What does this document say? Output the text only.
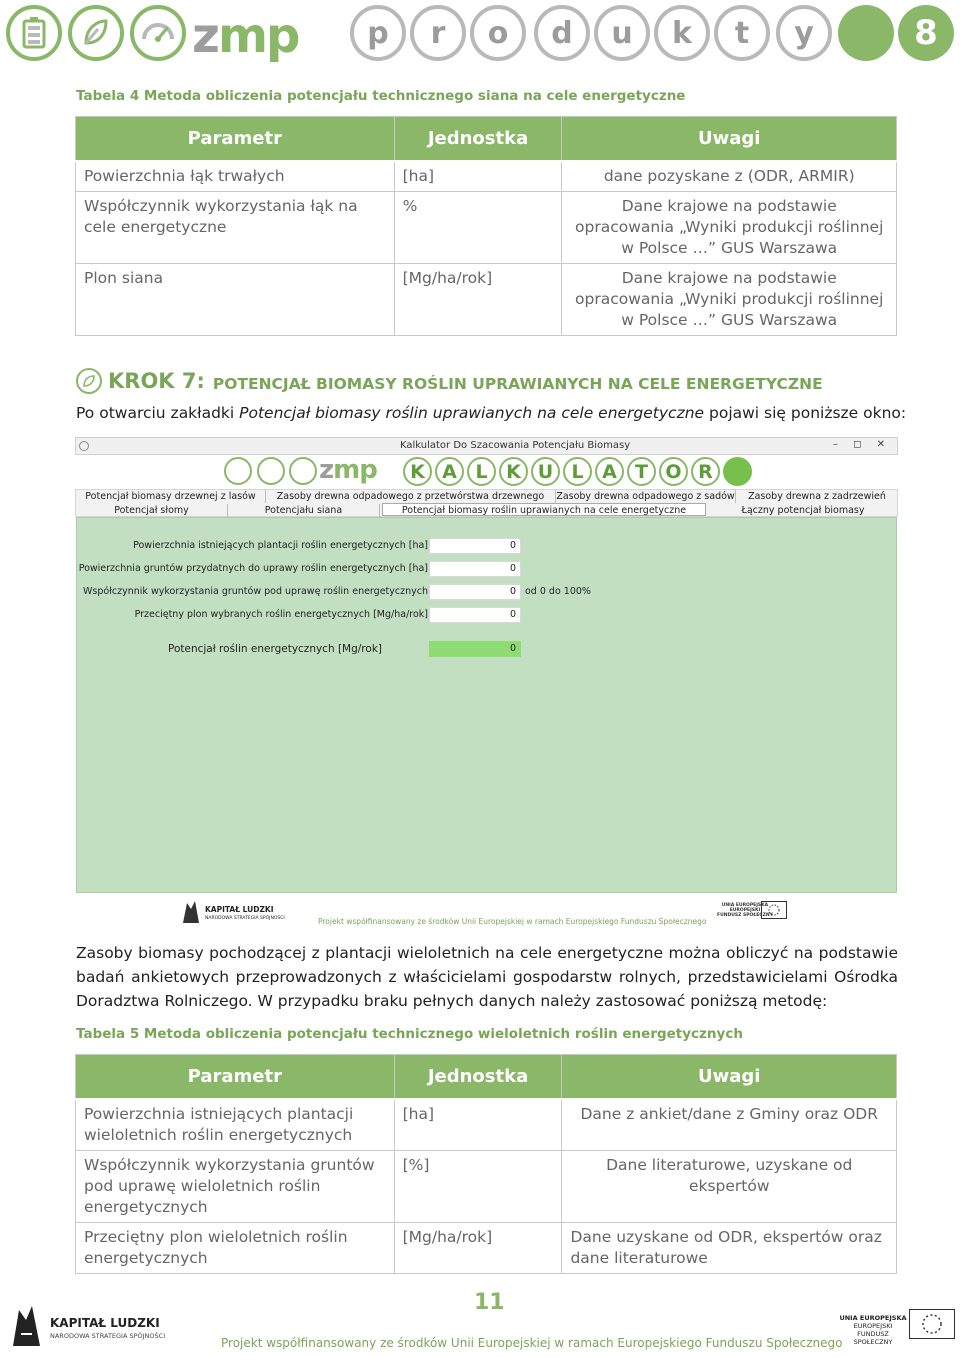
zmp	p	r	o	d	u	k	t	y	8
Tabela 4 Metoda obliczenia potencjału technicznego siana na cele energetyczne
Parametr	Jednostka	Uwagi
Powierzchnia łąk trwałych	[ha]	dane pozyskane z (ODR, ARMIR)
Współczynnik wykorzystania łąk na cele energetyczne	%	Dane krajowe na podstawie opracowania „Wyniki produkcji roślinnej w Polsce …” GUS Warszawa
Plon siana	[Mg/ha/rok]	Dane krajowe na podstawie opracowania „Wyniki produkcji roślinnej w Polsce …” GUS Warszawa
KROK 7: POTENCJAŁ BIOMASY ROŚLIN UPRAWIANYCH NA CELE ENERGETYCZNE
Po otwarciu zakładki Potencjał biomasy roślin uprawianych na cele energetyczne pojawi się poniższe okno:
Kalkulator Do Szacowania Potencjału Biomasy	– ◻ ✕
zmp	K A L K U L A T O R
Potencjał biomasy drzewnej z lasów	Zasoby drewna odpadowego z przetwórstwa drzewnego	Zasoby drewna odpadowego z sadów	Zasoby drewna z zadrzewień
Potencjał słomy	Potencjału siana	Potencjał biomasy roślin uprawianych na cele energetyczne	Łączny potencjał biomasy
Powierzchnia istniejących plantacji roślin energetycznych [ha]	0
Powierzchnia gruntów przydatnych do uprawy roślin energetycznych [ha]	0
Współczynnik wykorzystania gruntów pod uprawę roślin energetycznych	0 od 0 do 100%
Przeciętny plon wybranych roślin energetycznych [Mg/ha/rok]	0
Potencjał roślin energetycznych [Mg/rok]	0
KAPITAŁ LUDZKI
NARODOWA STRATEGIA SPÓJNOŚCI	Projekt współfinansowany ze środków Unii Europejskiej w ramach Europejskiego Funduszu Społecznego
UNIA EUROPEJSKA
EUROPEJSKI
FUNDUSZ SPOŁECZNY
Zasoby biomasy pochodzącej z plantacji wieloletnich na cele energetyczne można obliczyć na podstawie badań ankietowych przeprowadzonych z właścicielami gospodarstw rolnych, przedstawicielami Ośrodka Doradztwa Rolniczego. W przypadku braku pełnych danych należy zastosować poniższą metodę:
Tabela 5 Metoda obliczenia potencjału technicznego wieloletnich roślin energetycznych
Parametr	Jednostka	Uwagi
Powierzchnia istniejących plantacji wieloletnich roślin energetycznych	[ha]	Dane z ankiet/dane z Gminy oraz ODR
Współczynnik wykorzystania gruntów pod uprawę wieloletnich roślin energetycznych	[%]	Dane literaturowe, uzyskane od ekspertów
Przeciętny plon wieloletnich roślin energetycznych	[Mg/ha/rok]	Dane uzyskane od ODR, ekspertów oraz dane literaturowe
11
KAPITAŁ LUDZKI
NARODOWA STRATEGIA SPÓJNOŚCI	Projekt współfinansowany ze środków Unii Europejskiej w ramach Europejskiego Funduszu Społecznego
UNIA EUROPEJSKA
EUROPEJSKI
FUNDUSZ SPOŁECZNY
